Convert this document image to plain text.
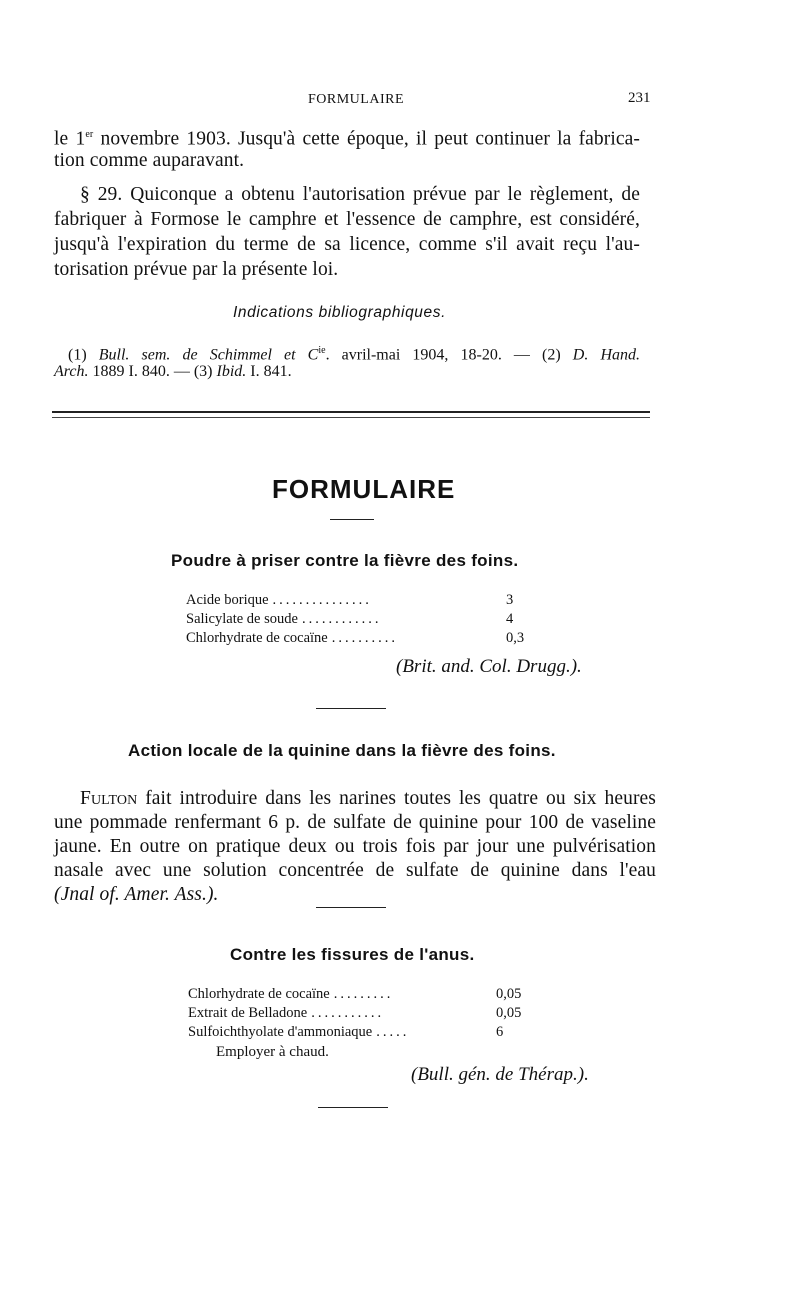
FORMULAIRE	231
le 1er novembre 1903. Jusqu'à cette époque, il peut continuer la fabrica-
tion comme auparavant.
§ 29. Quiconque a obtenu l'autorisation prévue par le règlement, de
fabriquer à Formose le camphre et l'essence de camphre, est considéré,
jusqu'à l'expiration du terme de sa licence, comme s'il avait reçu l'au-
torisation prévue par la présente loi.
Indications bibliographiques.
(1) Bull. sem. de Schimmel et $C^{ie}$. avril-mai 1904, 18-20. — (2) D. Hand.
Arch. 1889 I. 840. — (3) Ibid. I. 841.
FORMULAIRE
Poudre à priser contre la fièvre des foins.
Acide borique ...............	3
Salicylate de soude ............	4
Chlorhydrate de cocaïne ..........	0,3
(Brit. and. Col. Drugg.).
Action locale de la quinine dans la fièvre des foins.
Fulton fait introduire dans les narines toutes les quatre ou six heures
une pommade renfermant 6 p. de sulfate de quinine pour 100 de vaseline
jaune. En outre on pratique deux ou trois fois par jour une pulvérisation
nasale avec une solution concentrée de sulfate de quinine dans l'eau
(Jnal of. Amer. Ass.).
Contre les fissures de l'anus.
Chlorhydrate de cocaïne .........	0,05
Extrait de Belladone ...........	0,05
Sulfoichthyolate d'ammoniaque .....	6
Employer à chaud.
(Bull. gén. de Thérap.).
